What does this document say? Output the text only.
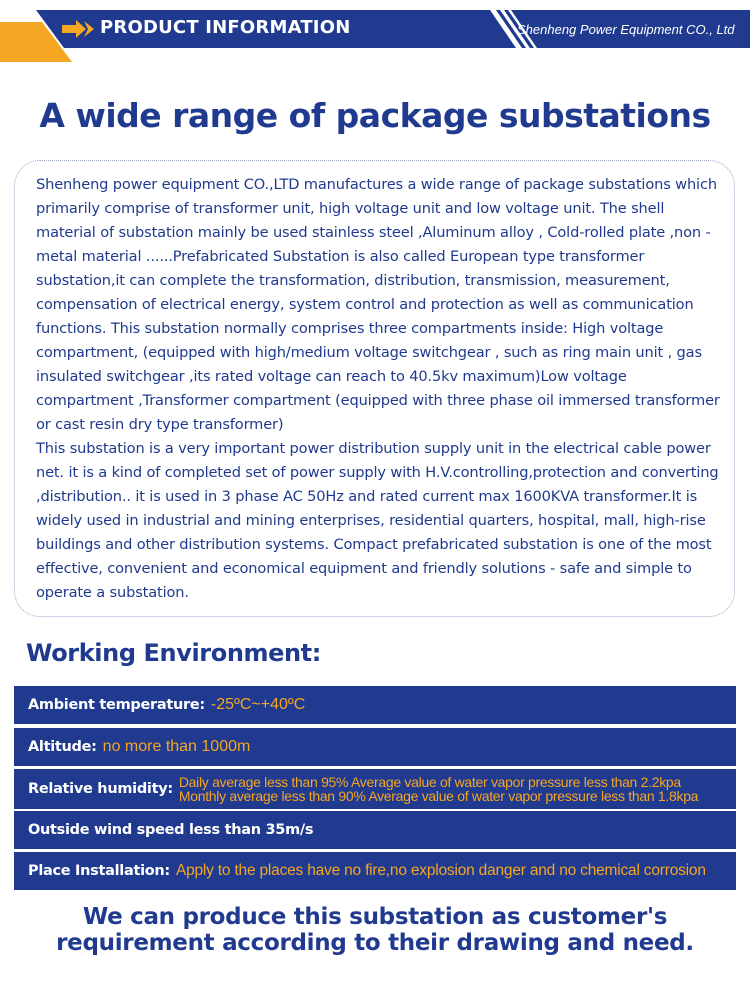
PRODUCT INFORMATION	Shenheng Power Equipment CO., Ltd
A wide range of package substations

Shenheng power equipment CO.,LTD manufactures a wide range of package substations which primarily comprise of transformer unit, high voltage unit and low voltage unit. The shell material of substation mainly be used stainless steel ,Aluminum alloy , Cold-rolled plate ,non -metal material ......Prefabricated Substation is also called European type transformer substation,it can complete the transformation, distribution, transmission, measurement, compensation of electrical energy, system control and protection as well as communication functions. This substation normally comprises three compartments inside: High voltage compartment, (equipped with high/medium voltage switchgear , such as ring main unit , gas insulated switchgear ,its rated voltage can reach to 40.5kv maximum)Low voltage compartment ,Transformer compartment (equipped with three phase oil immersed transformer or cast resin dry type transformer)

This substation is a very important power distribution supply unit in the electrical cable power net. it is a kind of completed set of power supply with H.V.controlling,protection and converting ,distribution.. it is used in 3 phase AC 50Hz and rated current max 1600KVA transformer.It is widely used in industrial and mining enterprises, residential quarters, hospital, mall, high-rise buildings and other distribution systems. Compact prefabricated substation is one of the most effective, convenient and economical equipment and friendly solutions - safe and simple to operate a substation.

Working Environment:
Ambient temperature: -25ºC~+40ºC
Altitude: no more than 1000m
Relative humidity: Daily average less than 95% Average value of water vapor pressure less than 2.2kpa
Monthly average less than 90% Average value of water vapor pressure less than 1.8kpa
Outside wind speed less than 35m/s
Place Installation: Apply to the places have no fire,no explosion danger and no chemical corrosion
We can produce this substation as customer's
requirement according to their drawing and need.
